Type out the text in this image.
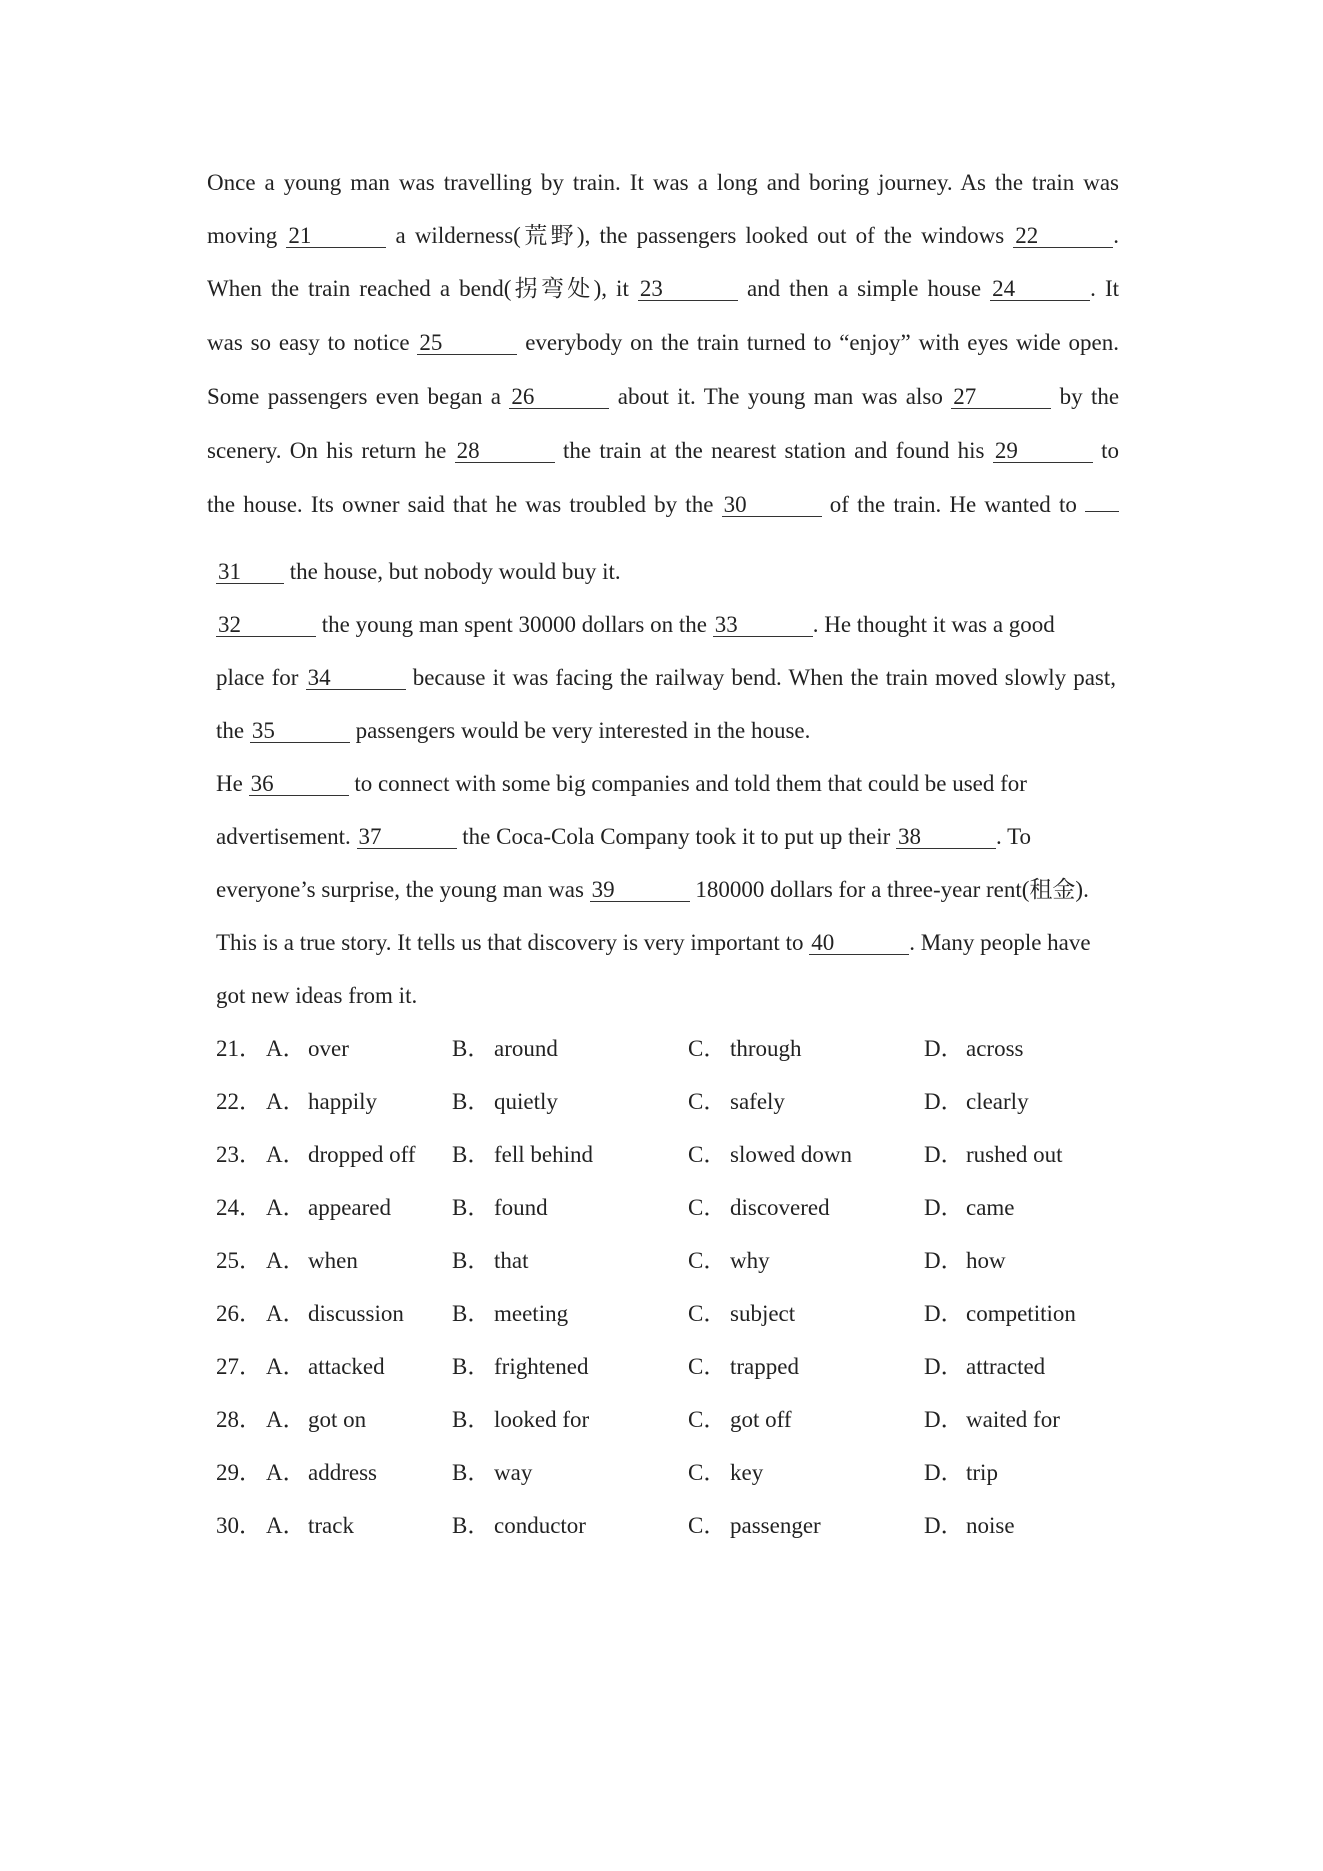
Once a young man was travelling by train. It was a long and boring journey. As the train was
moving 21	a wilderness(荒野), the passengers looked out of the windows 22	.
When the train reached a bend(拐弯处), it 23	and then a simple house 24	. It
was so easy to notice 25	everybody on the train turned to “enjoy” with eyes wide open.
Some passengers even began a 26	about it. The young man was also 27	by the
scenery. On his return he 28	the train at the nearest station and found his 29	to
the house. Its owner said that he was troubled by the 30	of the train. He wanted to
31 the house, but nobody would buy it.
32	the young man spent 30000 dollars on the 33	. He thought it was a good
place for 34	because it was facing the railway bend. When the train moved slowly past,
the 35	passengers would be very interested in the house.
He 36	to connect with some big companies and told them that could be used for
advertisement. 37	the Coca-Cola Company took it to put up their 38	. To
everyone’s surprise, the young man was 39	180000 dollars for a three-year rent(租金).
This is a true story. It tells us that discovery is very important to 40	. Many people have
got new ideas from it.
21． A． over	B． around	C． through	D． across
22． A． happily	B． quietly	C． safely	D． clearly
23． A． dropped off B． fell behind	C． slowed down	D． rushed out
24． A． appeared	B． found	C． discovered	D． came
25． A． when	B． that	C． why	D． how
26． A． discussion B． meeting	C． subject	D． competition
27． A． attacked	B． frightened	C． trapped	D． attracted
28． A． got on	B． looked for	C． got off	D． waited for
29． A． address	B． way	C． key	D． trip
30． A． track	B． conductor	C． passenger	D． noise
